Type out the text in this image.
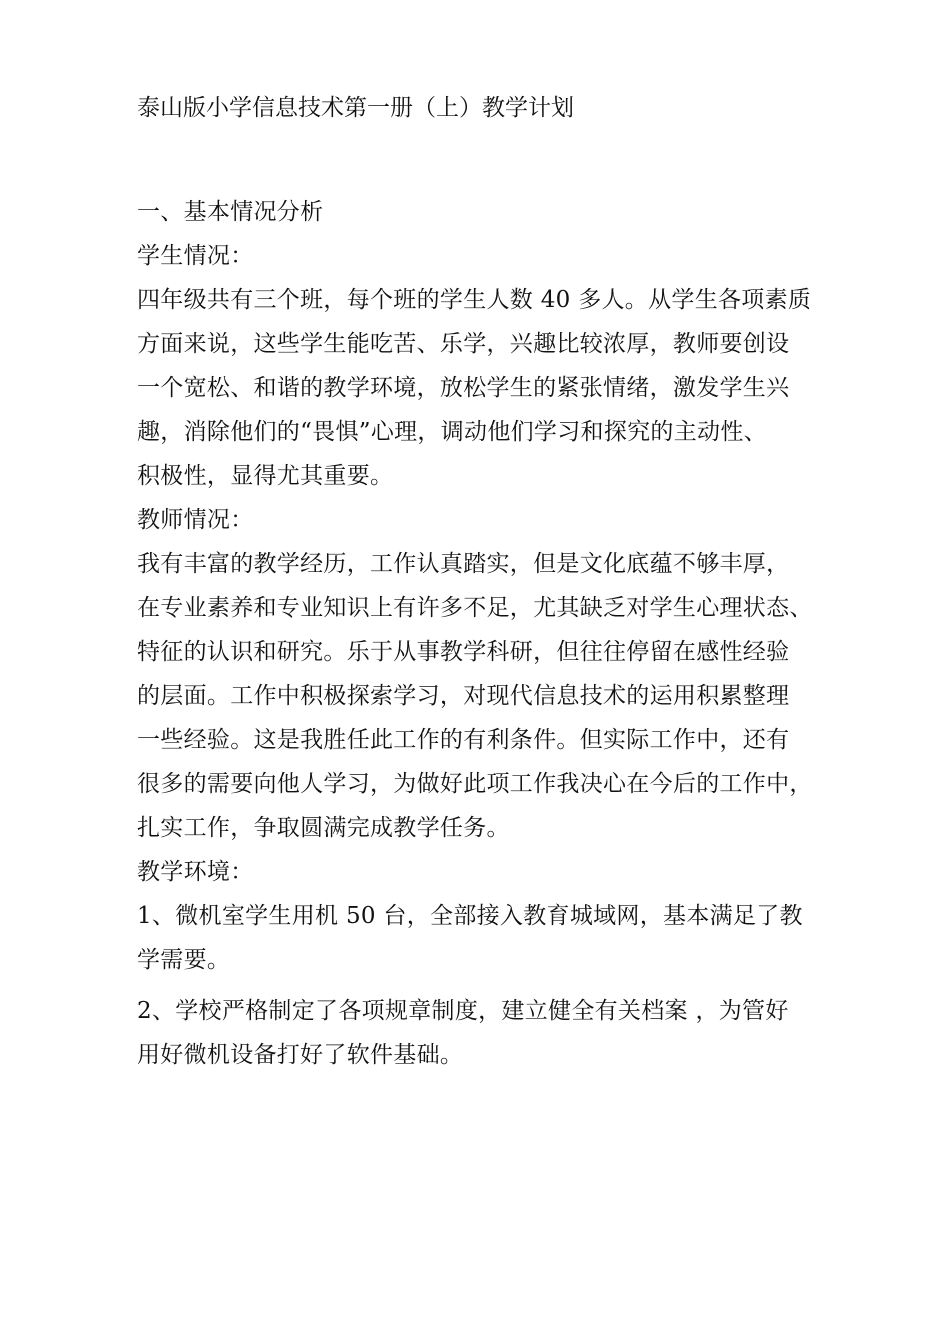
泰山版小学信息技术第一册（上）教学计划

一、基本情况分析

学生情况：

四年级共有三个班，每个班的学生人数 40 多人。从学生各项素质

方面来说，这些学生能吃苦、乐学，兴趣比较浓厚，教师要创设

一个宽松、和谐的教学环境，放松学生的紧张情绪，激发学生兴

趣，消除他们的“畏惧”心理，调动他们学习和探究的主动性、

积极性，显得尤其重要。

教师情况：

我有丰富的教学经历，工作认真踏实，但是文化底蕴不够丰厚，

在专业素养和专业知识上有许多不足，尤其缺乏对学生心理状态、

特征的认识和研究。乐于从事教学科研，但往往停留在感性经验

的层面。工作中积极探索学习，对现代信息技术的运用积累整理

一些经验。这是我胜任此工作的有利条件。但实际工作中，还有

很多的需要向他人学习，为做好此项工作我决心在今后的工作中，

扎实工作，争取圆满完成教学任务。

教学环境：

1、微机室学生用机 50 台，全部接入教育城域网，基本满足了教

学需要。

2、学校严格制定了各项规章制度，建立健全有关档案 ，为管好

用好微机设备打好了软件基础。
